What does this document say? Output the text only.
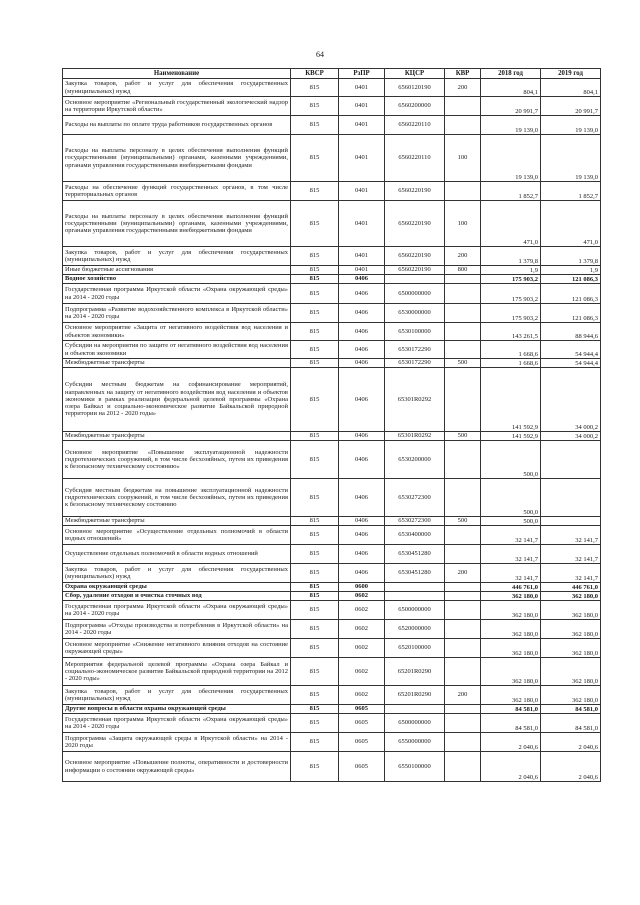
64
Наименование	КВСР	РзПР	КЦСР	КВР	2018 год	2019 год
Закупка товаров, работ и услуг для обеспечения государственных (муниципальных) нужд	815	0401	6560120190	200	804,1	804,1
Основное мероприятие «Региональный государственный экологический надзор на территории Иркутской области»	815	0401	6560200000		20 991,7	20 991,7
Расходы на выплаты по оплате труда работников государственных органов	815	0401	6560220110		19 139,0	19 139,0
Расходы на выплаты персоналу в целях обеспечения выполнения функций государственными (муниципальными) органами, казенными учреждениями, органами управления государственными внебюджетными фондами	815	0401	6560220110	100	19 139,0	19 139,0
Расходы на обеспечение функций государственных органов, в том числе территориальных органов	815	0401	6560220190		1 852,7	1 852,7
Расходы на выплаты персоналу в целях обеспечения выполнения функций государственными (муниципальными) органами, казенными учреждениями, органами управления государственными внебюджетными фондами	815	0401	6560220190	100	471,0	471,0
Закупка товаров, работ и услуг для обеспечения государственных (муниципальных) нужд	815	0401	6560220190	200	1 379,8	1 379,8
Иные бюджетные ассигнования	815	0401	6560220190	800	1,9	1,9
Водное хозяйство	815	0406			175 903,2	121 086,3
Государственная программа Иркутской области «Охрана окружающей среды» на 2014 - 2020 годы	815	0406	6500000000		175 903,2	121 086,3
Подпрограмма «Развитие водохозяйственного комплекса в Иркутской области» на 2014 - 2020 годы	815	0406	6530000000		175 903,2	121 086,3
Основное мероприятие «Защита от негативного воздействия вод населения и объектов экономики»	815	0406	6530100000		143 261,5	88 944,6
Субсидии на мероприятия по защите от негативного воздействия вод населения и объектов экономики	815	0406	6530172290		1 668,6	54 944,4
Межбюджетные трансферты	815	0406	6530172290	500	1 668,6	54 944,4
Субсидии местным бюджетам на софинансирование мероприятий, направленных на защиту от негативного воздействия вод населения и объектов экономики в рамках реализации федеральной целевой программы «Охрана озера Байкал и социально-экономическое развитие Байкальской природной территории на 2012 - 2020 годы»	815	0406	65301R0292		141 592,9	34 000,2
Межбюджетные трансферты	815	0406	65301R0292	500	141 592,9	34 000,2
Основное мероприятие «Повышение эксплуатационной надежности гидротехнических сооружений, в том числе бесхозяйных, путем их приведения к безопасному техническому состоянию»	815	0406	6530200000		500,0	
Субсидия местным бюджетам на повышение эксплуатационной надежности гидротехнических сооружений, в том числе бесхозяйных, путем их приведения к безопасному техническому состоянию	815	0406	6530272300		500,0	
Межбюджетные трансферты	815	0406	6530272300	500	500,0	
Основное мероприятие «Осуществление отдельных полномочий в области водных отношений»	815	0406	6530400000		32 141,7	32 141,7
Осуществление отдельных полномочий в области водных отношений	815	0406	6530451280		32 141,7	32 141,7
Закупка товаров, работ и услуг для обеспечения государственных (муниципальных) нужд	815	0406	6530451280	200	32 141,7	32 141,7
Охрана окружающей среды	815	0600			446 761,0	446 761,0
Сбор, удаление отходов и очистка сточных вод	815	0602			362 180,0	362 180,0
Государственная программа Иркутской области «Охрана окружающей среды» на 2014 - 2020 годы	815	0602	6500000000		362 180,0	362 180,0
Подпрограмма «Отходы производства и потребления в Иркутской области» на 2014 - 2020 годы	815	0602	6520000000		362 180,0	362 180,0
Основное мероприятие «Снижение негативного влияния отходов на состояние окружающей среды»	815	0602	6520100000		362 180,0	362 180,0
Мероприятия федеральной целевой программы «Охрана озера Байкал и социально-экономическое развитие Байкальской природной территории на 2012 - 2020 годы»	815	0602	65201R0290		362 180,0	362 180,0
Закупка товаров, работ и услуг для обеспечения государственных (муниципальных) нужд	815	0602	65201R0290	200	362 180,0	362 180,0
Другие вопросы в области охраны окружающей среды	815	0605			84 581,0	84 581,0
Государственная программа Иркутской области «Охрана окружающей среды» на 2014 - 2020 годы	815	0605	6500000000		84 581,0	84 581,0
Подпрограмма «Защита окружающей среды в Иркутской области» на 2014 - 2020 годы	815	0605	6550000000		2 040,6	2 040,6
Основное мероприятие «Повышение полноты, оперативности и достоверности информации о состоянии окружающей среды»	815	0605	6550100000		2 040,6	2 040,6
